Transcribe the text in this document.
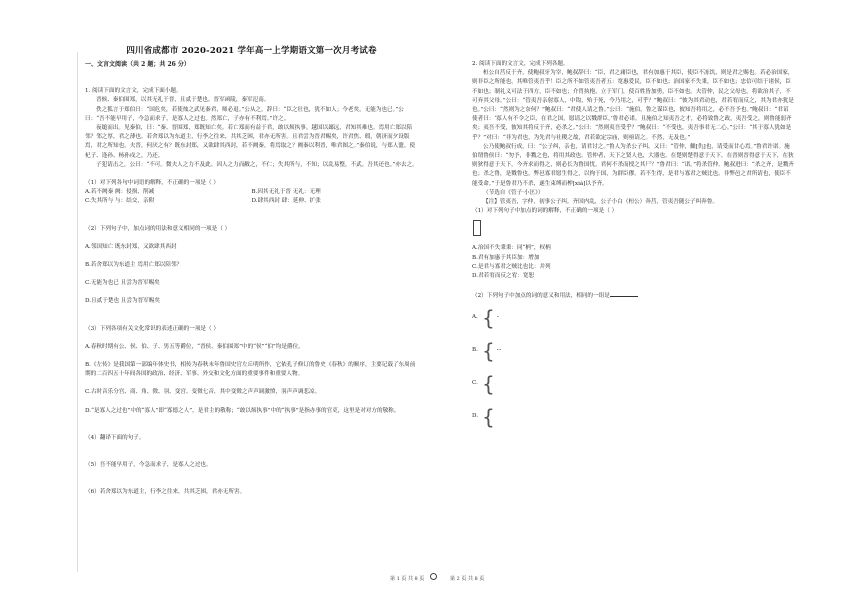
四川省成都市 2020-2021 学年高一上学期语文第一次月考试卷

一、文言文阅读（共 2 题；共 26 分）

1. 阅读下面的文言文，完成下面小题。

晋候、秦伯围郑，以其无礼于晋，且贰于楚也。晋军函陵，秦军氾南。

佚之狐言于郑伯曰：“国危矣，若使烛之武见秦君，师必退。”公从之。辞曰：“臣之壮也，犹不如人；今老矣，无能为也已。”公曰：“吾不能早用子，今急而求子，是寡人之过也。然郑亡，子亦有不利焉。”许之。

夜缒而出。见秦伯，曰：“秦、晋围郑，郑既知亡矣。若亡郑而有益于君，敢以烦执事。越国以鄙远，君知其难也。焉用亡郑以陪邻？邻之厚，君之薄也。若舍郑以为东道主，行李之往来，共其乏困，君亦无所害。且君尝为晋君赐矣，许君焦、瑕，朝济而夕设版焉，君之所知也。夫晋，何厌之有？既东封郑，又欲肆其西封，若不阙秦，将焉取之？阙秦以利晋，唯君图之。”秦伯说，与郑人盟。使杞子、逢孙、杨孙戍之，乃还。

子犯请击之，公曰：“不可。微夫人之力不及此。因人之力而敝之，不仁；失其所与，不知；以乱易整，不武。吾其还也。”亦去之。

（1）对下列各句中词语的解释，不正确的一项是（ ）

A.若不阙秦 阙：侵损、削减	B.因其无礼于晋 无礼：无理
C.失其所与 与：结交，亲附	D.肆其西封 肆：延伸、扩张

（2）下列句子中，加点词的用法和意义相同的一项是（ ）

A.邻国知亡 既东封郑，又欲肆其西封

B.若舍郑以为东道主 焉用亡郑以陪邻？

C.无能为也已 且尝为晋军赐矣

D.且贰于楚也 且尝为晋军赐矣

（3）下列各项有关文化常识的表述正确的一项是（ ）

A.春秋时期有公、侯、伯、子、男五等爵位，“晋侯、秦伯围郑”中的“侯”“伯”均是爵位。

B.《左传》是我国第一部编年体史书，相传为春秋末年鲁国史官左丘明所作，它依孔子修订的鲁史《春秋》的顺序，主要记载了东周前期的二百四五十年间各国的政治、经济、军事、外交和文化方面的重要事件和重要人物。

C.古时音乐分宫、商、角、徵、羽、变宫、变徵七音，其中变徵之声声调激愤，羽声声调悲凉。

D.“是寡人之过也”中的“寡人”即“寡德之人”，是君主的敬称；“敢以烦执事”中的“执事”是指办事的官吏，这里是对对方的敬称。

（4）翻译下面的句子。

（5）吾不能早用子，今急而求子，是寡人之过也。

（6）若舍郑以为东道主，行李之往来，共其乏困，君亦无所害。

2. 阅读下面的文言文，完成下列各题。

桓公自莒反于齐，使鲍叔牙为宰，鲍叔辞曰：“臣，君之庸臣也，君有加惠于其臣，使臣不冻饥，则是君之赐也。若必治国家，则非臣之所能也，其唯管夷吾乎！臣之所不如管夷吾者五：宽惠爱民，臣不如也；治国家不失秉，臣不如也；忠信可结于诸侯，臣不如也；制礼义可法于四方，臣不如也；介胄执枹，立于军门，使百姓皆加勇，臣不如也。夫管仲，民之父母也，将欲治其子，不可弃其父母。”公曰：“管夷吾亲射寡人，中钩，殆于死，今乃用之，可乎？”鲍叔曰：“彼为其君动也，君若宥而反之，其为君亦犹是也。”公曰：“然则为之奈何？”鲍叔曰：“君使人请之鲁。”公曰：“施伯，鲁之谋臣也，彼知吾将用之，必不吾予也。”鲍叔曰：“君诏使者曰：‘寡人有不令之臣，在君之国，愿请之以戮群臣。’鲁君必诺。且施伯之知夷吾之才，必将致鲁之政，夷吾受之，则鲁能弱齐矣；夷吾不受，彼知其将反于齐，必杀之。”公曰：“然则夷吾受乎？”鲍叔曰：“不受也，夷吾事君无二心。”公曰：“其于寡人犹如是乎？”对曰：“非为君也，为先君与社稷之故，君若欲定宗庙，则亟请之。不然，无及也。”

公乃使鲍叔行成，曰：“公子纠，亲也，请君讨之。”鲁人为杀公子纠。又曰：“管仲，雠[仇]也，请受而甘心焉。”鲁君许诺。施伯谓鲁侯曰：“勿予，非戮之也，将用其政也。管仲者，天下之贤人也，大器也。在楚则楚得意于天下，在晋则晋得意于天下，在狄则狄得意于天下，今齐求而得之，则必长为鲁国忧。君何不杀而授之其尸？”鲁君曰：“诺。”将杀管仲。鲍叔进曰：“杀之齐，是戮齐也；杀之鲁，是戮鲁也。弊邑寡君愿生得之，以徇于国，为群臣僇。若不生得，是君与寡君之贼比也。非弊邑之君所请也，使臣不能受命。”于是鲁君乃不杀，遂生束缚而柙[xiá]以予齐。

（节选自《管子·小匡》）

【注】管夷吾，字仲，初事公子纠。齐国内乱，公子小白（桓公）奔莒，管夷吾随公子纠奔鲁。

（1）对下列句子中加点的词的解释，不正确的一项是（ ）

A.治国不失秉秉：同“柄”，权柄

B.君有加惠于其臣加：增加

C.是君与寡君之贼比也比：并列

D.君若宥而反之宥：宽恕

（2）下列句子中加点的词的意义和用法，相同的一组是

A. { ·
B. { ··
C. {
D. {
第 1 页 共 8 页	第 2 页 共 8 页
